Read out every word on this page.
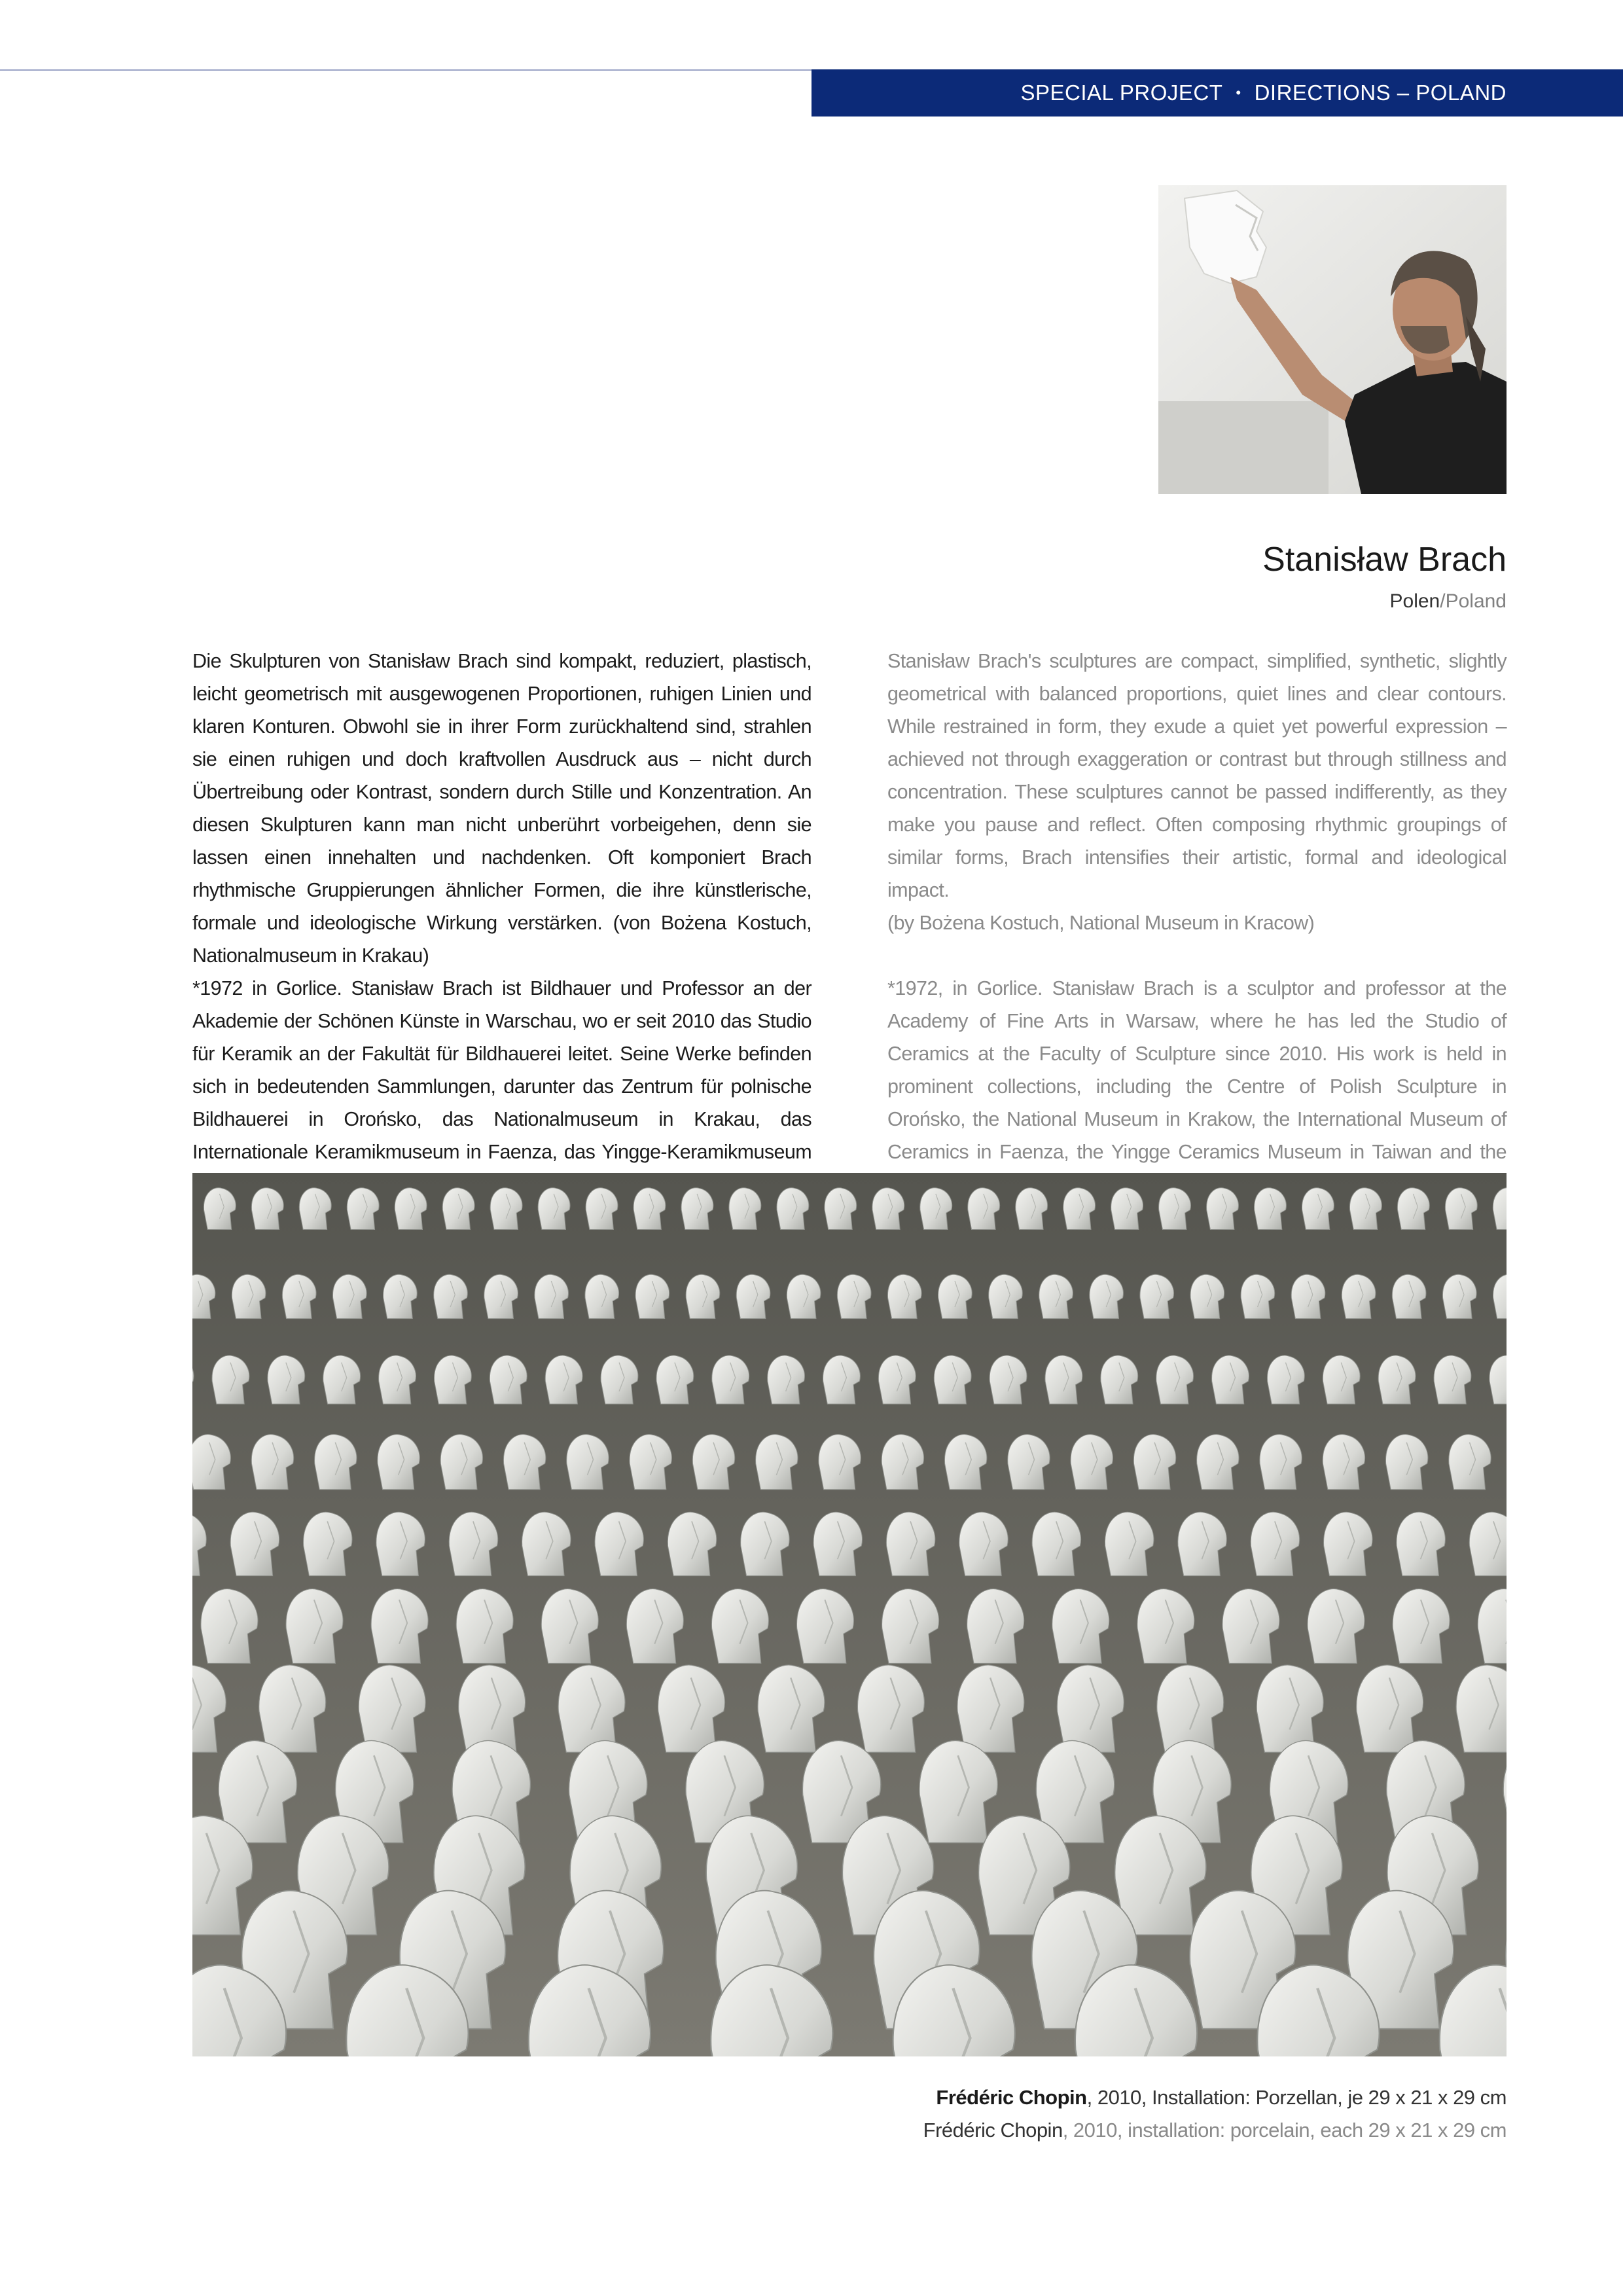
SPECIAL PROJECT • DIRECTIONS – POLAND
Stanisław Brach
Polen/Poland

Die Skulpturen von Stanisław Brach sind kompakt, reduziert, plastisch, leicht geometrisch mit ausgewogenen Proportionen, ruhigen Linien und klaren Konturen. Obwohl sie in ihrer Form zurückhaltend sind, strahlen sie einen ruhigen und doch kraftvollen Ausdruck aus – nicht durch Übertreibung oder Kontrast, sondern durch Stille und Konzentration. An diesen Skulpturen kann man nicht unberührt vorbeigehen, denn sie lassen einen innehalten und nachdenken. Oft komponiert Brach rhythmische Gruppierungen ähnlicher Formen, die ihre künstlerische, formale und ideologische Wirkung verstärken. (von Bożena Kostuch, Nationalmuseum in Krakau)

*1972 in Gorlice. Stanisław Brach ist Bildhauer und Professor an der Akademie der Schönen Künste in Warschau, wo er seit 2010 das Studio für Keramik an der Fakultät für Bildhauerei leitet. Seine Werke befinden sich in bedeutenden Sammlungen, darunter das Zentrum für polnische Bildhauerei in Orońsko, das Nationalmuseum in Krakau, das Internationale Keramikmuseum in Faenza, das Yingge-Keramikmuseum

Stanisław Brach's sculptures are compact, simplified, synthetic, slightly geometrical with balanced proportions, quiet lines and clear contours. While restrained in form, they exude a quiet yet powerful expression – achieved not through exaggeration or contrast but through stillness and concentration. These sculptures cannot be passed indifferently, as they make you pause and reflect. Often composing rhythmic groupings of similar forms, Brach intensifies their artistic, formal and ideological impact.

(by Bożena Kostuch, National Museum in Kracow)

*1972, in Gorlice. Stanisław Brach is a sculptor and professor at the Academy of Fine Arts in Warsaw, where he has led the Studio of Ceramics at the Faculty of Sculpture since 2010. His work is held in prominent collections, including the Centre of Polish Sculpture in Orońsko, the National Museum in Krakow, the International Museum of Ceramics in Faenza, the Yingge Ceramics Museum in Taiwan and the

Frédéric Chopin, 2010, Installation: Porzellan, je 29 x 21 x 29 cm
Frédéric Chopin, 2010, installation: porcelain, each 29 x 21 x 29 cm
